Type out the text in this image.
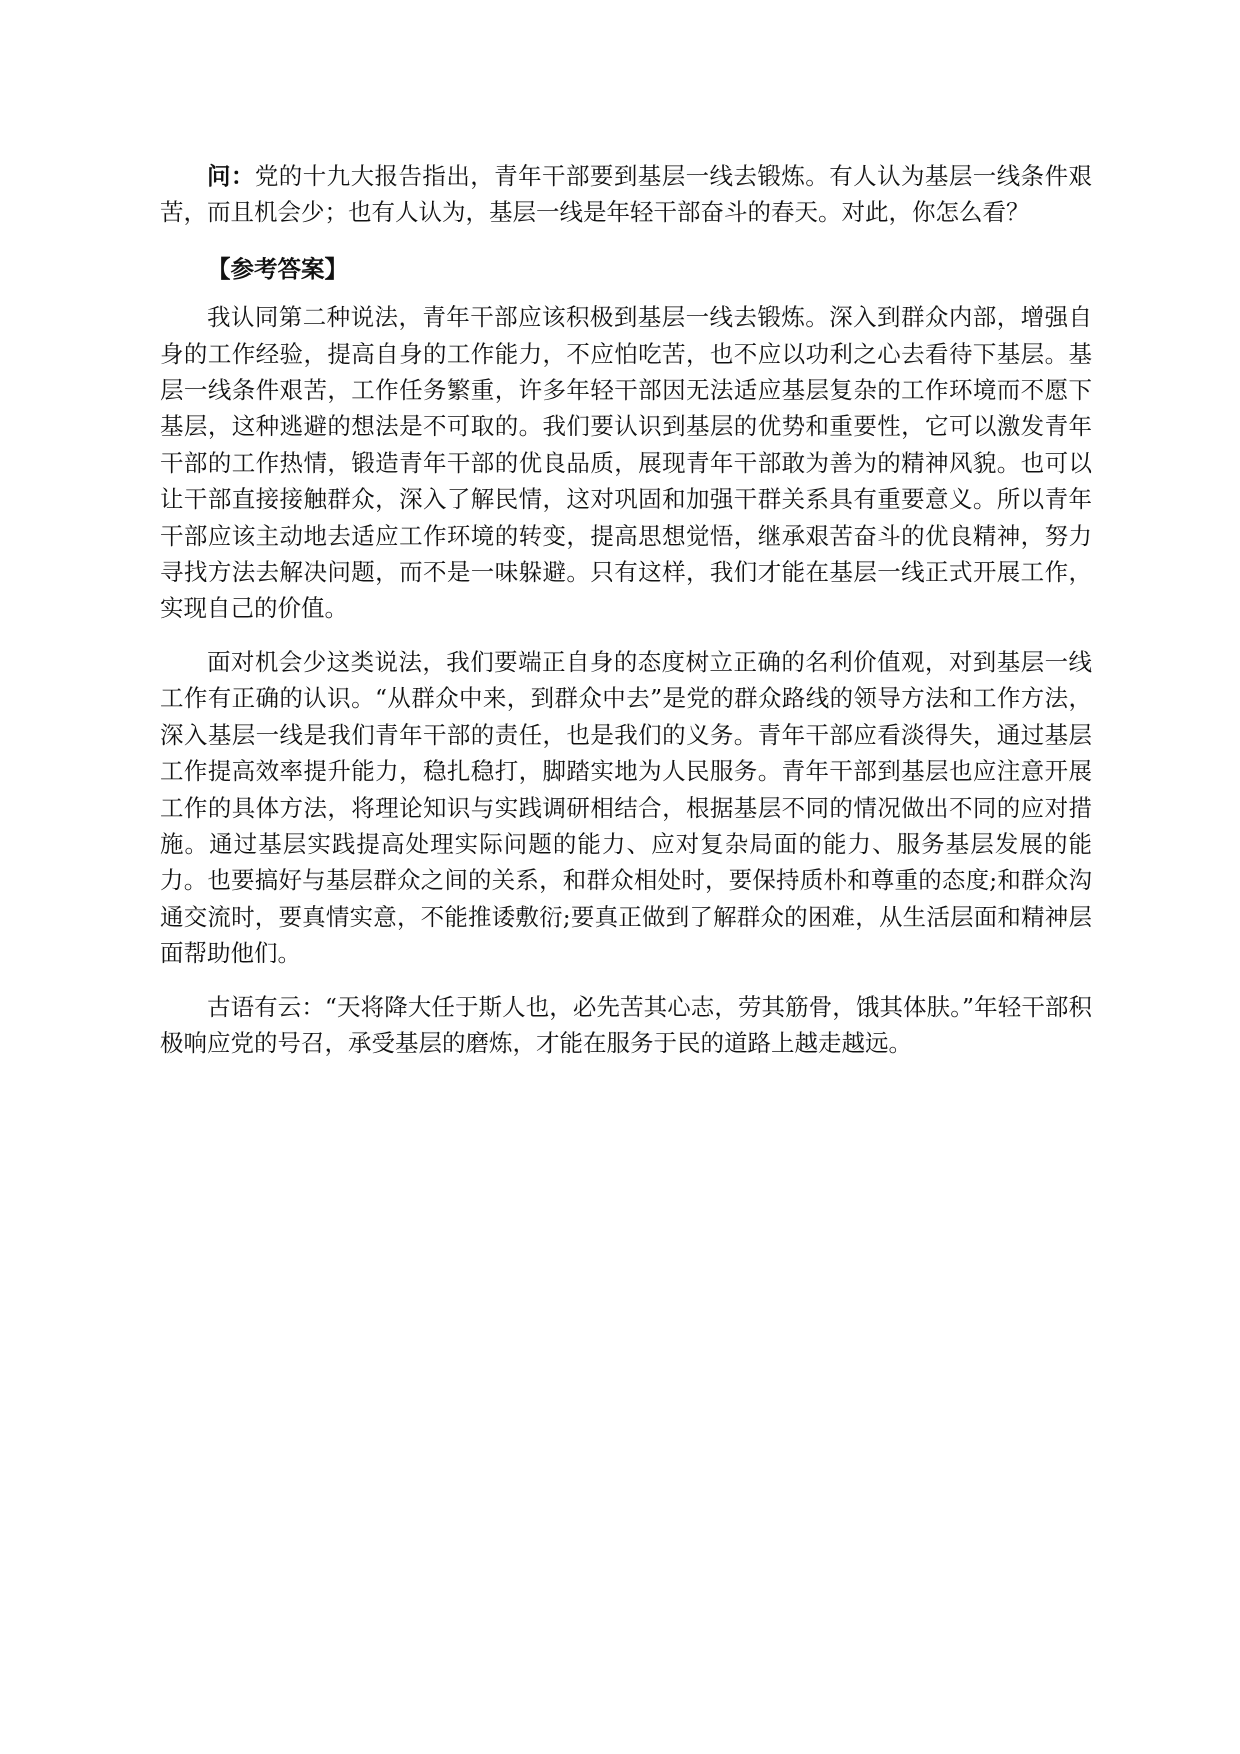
问：党的十九大报告指出，青年干部要到基层一线去锻炼。有人认为基层一线条件艰苦，而且机会少；也有人认为，基层一线是年轻干部奋斗的春天。对此，你怎么看？

【参考答案】

我认同第二种说法，青年干部应该积极到基层一线去锻炼。深入到群众内部，增强自身的工作经验，提高自身的工作能力，不应怕吃苦，也不应以功利之心去看待下基层。基层一线条件艰苦，工作任务繁重，许多年轻干部因无法适应基层复杂的工作环境而不愿下基层，这种逃避的想法是不可取的。我们要认识到基层的优势和重要性，它可以激发青年干部的工作热情，锻造青年干部的优良品质，展现青年干部敢为善为的精神风貌。也可以让干部直接接触群众，深入了解民情，这对巩固和加强干群关系具有重要意义。所以青年干部应该主动地去适应工作环境的转变，提高思想觉悟，继承艰苦奋斗的优良精神，努力寻找方法去解决问题，而不是一味躲避。只有这样，我们才能在基层一线正式开展工作，实现自己的价值。

面对机会少这类说法，我们要端正自身的态度树立正确的名利价值观，对到基层一线工作有正确的认识。“从群众中来，到群众中去”是党的群众路线的领导方法和工作方法，深入基层一线是我们青年干部的责任，也是我们的义务。青年干部应看淡得失，通过基层工作提高效率提升能力，稳扎稳打，脚踏实地为人民服务。青年干部到基层也应注意开展工作的具体方法，将理论知识与实践调研相结合，根据基层不同的情况做出不同的应对措施。通过基层实践提高处理实际问题的能力、应对复杂局面的能力、服务基层发展的能力。也要搞好与基层群众之间的关系，和群众相处时，要保持质朴和尊重的态度;和群众沟通交流时，要真情实意，不能推诿敷衍;要真正做到了解群众的困难，从生活层面和精神层面帮助他们。

古语有云：“天将降大任于斯人也，必先苦其心志，劳其筋骨，饿其体肤。”年轻干部积极响应党的号召，承受基层的磨炼，才能在服务于民的道路上越走越远。
